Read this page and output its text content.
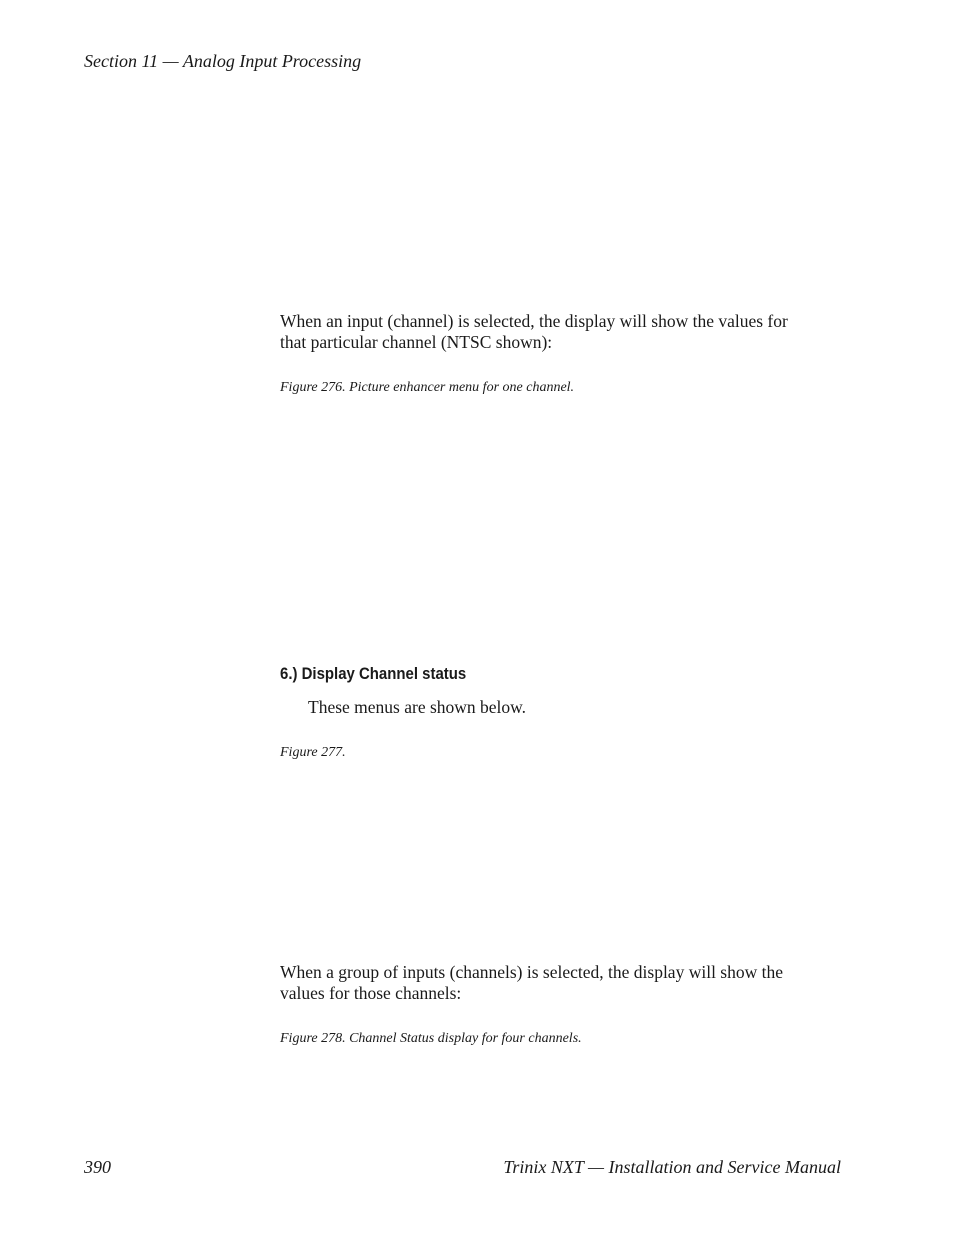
Section 11 — Analog Input Processing
When an input (channel) is selected, the display will show the values for
that particular channel (NTSC shown):
Figure 276. Picture enhancer menu for one channel.
6.) Display Channel status
These menus are shown below.
Figure 277.
When a group of inputs (channels) is selected, the display will show the
values for those channels:
Figure 278. Channel Status display for four channels.
390	Trinix NXT — Installation and Service Manual
